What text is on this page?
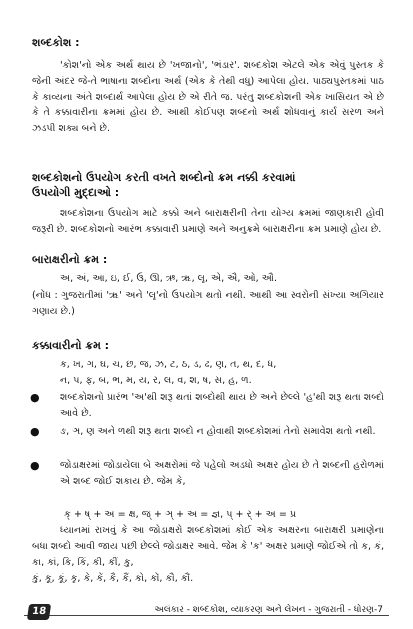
શબ્દકોશ :

'કોશ'નો એક અર્થ થાય છે 'ખજાનો', 'ભંડાર'. શબ્દકોશ એટલે એક એવું પુસ્તક કે જેની અંદર જે-તે ભાષાના શબ્દોના અર્થ (એક કે તેથી વધુ) આપેલા હોય. પાઠ્યપુસ્તકમાં પાઠ કે કાવ્યના અંતે શબ્દાર્થ આપેલા હોય છે એ રીતે જ. પરંતુ શબ્દકોશની એક ખાસિયત એ છે કે તે કક્કાવારીના ક્રમમાં હોય છે. આથી કોઈપણ શબ્દનો અર્થ શોધવાનું કાર્ય સરળ અને ઝડપી શક્ય બને છે.

શબ્દકોશનો ઉપયોગ કરતી વખતે શબ્દોનો ક્રમ નક્કી કરવામાં
ઉપયોગી મુદ્દાઓ :

શબ્દકોશના ઉપયોગ માટે કક્કો અને બારાક્ષરીની તેના યોગ્ય ક્રમમાં જાણકારી હોવી જરૂરી છે. શબ્દકોશનો આરંભ કક્કાવારી પ્રમાણે અને અનુક્રમે બારાક્ષરીના ક્રમ પ્રમાણે હોય છે.

બારાક્ષરીનો ક્રમ :

અ, અં, આ, ઇ, ઈ, ઉ, ઊ, ઋ, ૠ, લૃ, એ, ઐ, ઓ, ઔ.

(નોંધ : ગુજરાતીમાં 'ૠ' અને 'લૃ'નો ઉપયોગ થતો નથી. આથી આ સ્વરોની સંખ્યા અગિયાર ગણાય છે.)

કક્કાવારીનો ક્રમ :

ક, ખ, ગ, ઘ, ચ, છ, જ, ઝ, ટ, ઠ, ડ, ઢ, ણ, ત, થ, દ, ધ,

ન, પ, ફ, બ, ભ, મ, ય, ર, લ, વ, શ, ષ, સ, હ, ળ.

● શબ્દકોશનો પ્રારંભ 'અ'થી શરૂ થતાં શબ્દોથી થાય છે અને છેલ્લે 'હ'થી શરૂ થતા શબ્દો આવે છે.
● ઙ, ઞ, ણ અને ળથી શરૂ થતા શબ્દો ન હોવાથી શબ્દકોશમાં તેનો સમાવેશ થતો નથી.
● જોડાક્ષરમાં જોડાયેલા બે અક્ષરોમાં જે પહેલો અડધો અક્ષર હોય છે તે શબ્દની હરોળમાં એ શબ્દ જોઈ શકાય છે. જેમ કે,

ક્ + ષ્ + અ = ક્ષ, જ્ + ઞ્ + અ = જ્ઞ, પ્ + ર્ + અ = પ્ર

ધ્યાનમાં રાખવું કે આ જોડાક્ષરો શબ્દકોશમાં કોઈ એક અક્ષરના બારાક્ષરી પ્રમાણેના બધા શબ્દો આવી જાય પછી છેલ્લે જોડાક્ષર આવે. જેમ કે 'ક' અક્ષર પ્રમાણે જોઈએ તો ક, કં, કા, કાં, કિ, કિં, કી, કીં, કુ,

કું, કૂ, કૂં, કૃ, કે, કેં, કૈ, કૈં, કો, કોં, કૌ, કૌં.

18	અલંકાર - શબ્દકોશ, વ્યાકરણ અને લેખન - ગુજરાતી - ધોરણ-7
